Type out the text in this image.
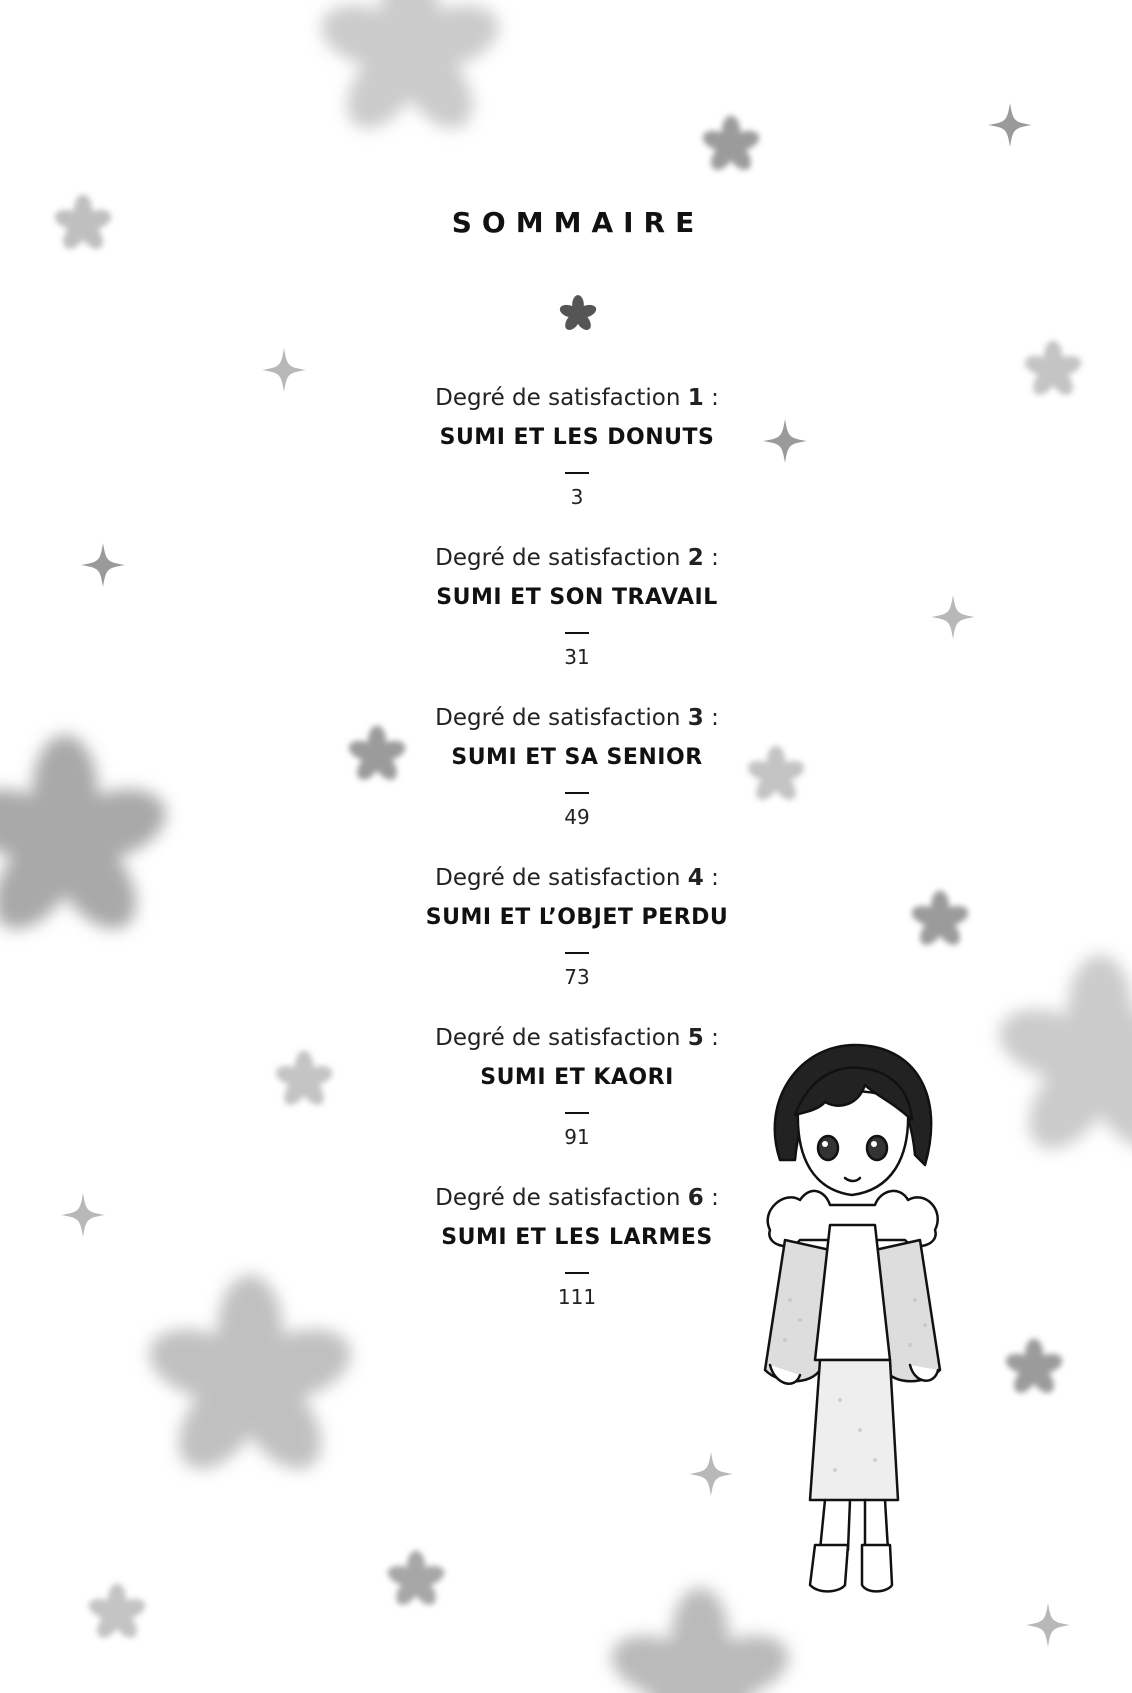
SOMMAIRE
Degré de satisfaction 1 :
SUMI ET LES DONUTS
3
Degré de satisfaction 2 :
SUMI ET SON TRAVAIL
31
Degré de satisfaction 3 :
SUMI ET SA SENIOR
49
Degré de satisfaction 4 :
SUMI ET L’OBJET PERDU
73
Degré de satisfaction 5 :
SUMI ET KAORI
91
Degré de satisfaction 6 :
SUMI ET LES LARMES
111
